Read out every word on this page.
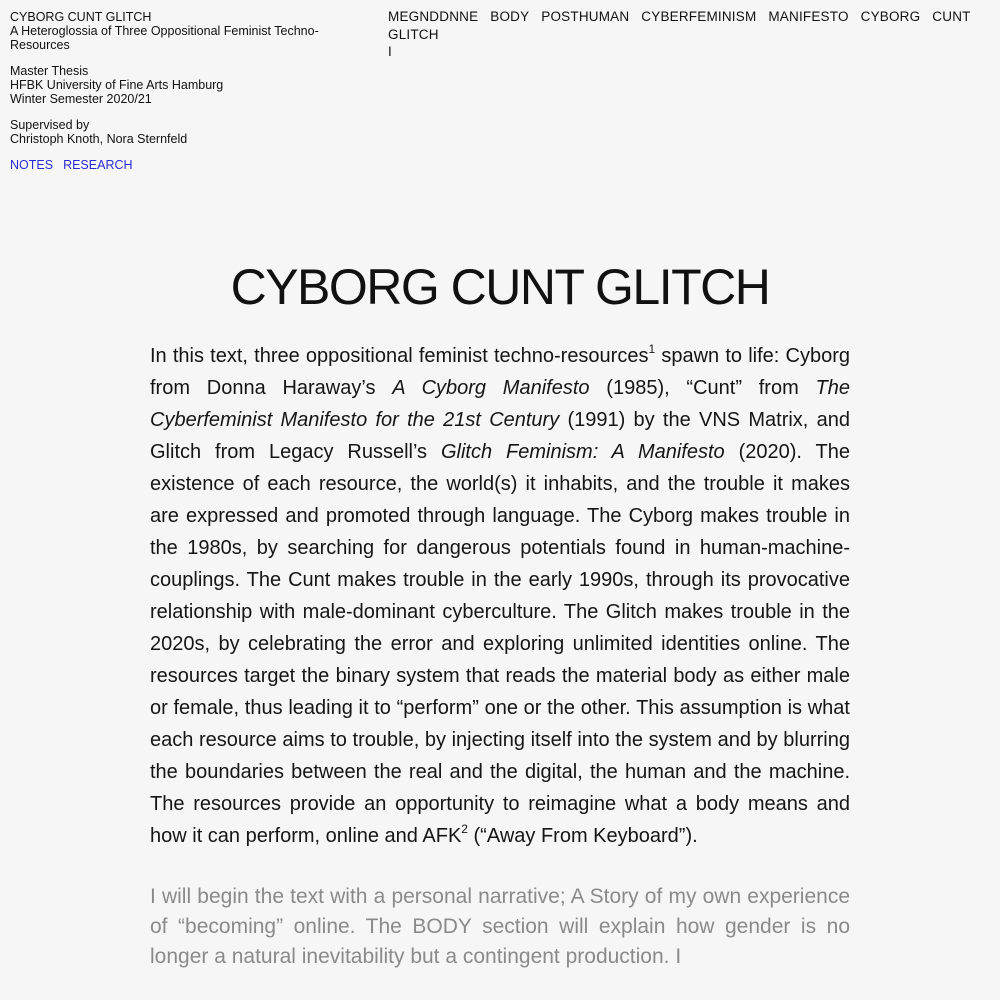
CYBORG CUNT GLITCH
A Heteroglossia of Three Oppositional Feminist Techno-Resources
Master Thesis
HFBK University of Fine Arts Hamburg
Winter Semester 2020/21
Supervised by
Christoph Knoth, Nora Sternfeld
NOTES RESEARCH
MEGNDDNNE BODY POSTHUMAN CYBERFEMINISM MANIFESTO CYBORG CUNT GLITCH
I
CYBORG CUNT GLITCH

In this text, three oppositional feminist techno-resources$^1$ spawn to life: Cyborg from Donna Haraway’s A Cyborg Manifesto (1985), “Cunt” from The Cyberfeminist Manifesto for the 21st Century (1991) by the VNS Matrix, and Glitch from Legacy Russell’s Glitch Feminism: A Manifesto (2020). The existence of each resource, the world(s) it inhabits, and the trouble it makes are expressed and promoted through language. The Cyborg makes trouble in the 1980s, by searching for dangerous potentials found in human-machine-couplings. The Cunt makes trouble in the early 1990s, through its provocative relationship with male-dominant cyberculture. The Glitch makes trouble in the 2020s, by celebrating the error and exploring unlimited identities online. The resources target the binary system that reads the material body as either male or female, thus leading it to “perform” one or the other. This assumption is what each resource aims to trouble, by injecting itself into the system and by blurring the boundaries between the real and the digital, the human and the machine. The resources provide an opportunity to reimagine what a body means and how it can perform, online and AFK$^2$ (“Away From Keyboard”).

I will begin the text with a personal narrative; A Story of my own experience of “becoming” online. The BODY section will explain how gender is no longer a natural inevitability but a contingent production. I
